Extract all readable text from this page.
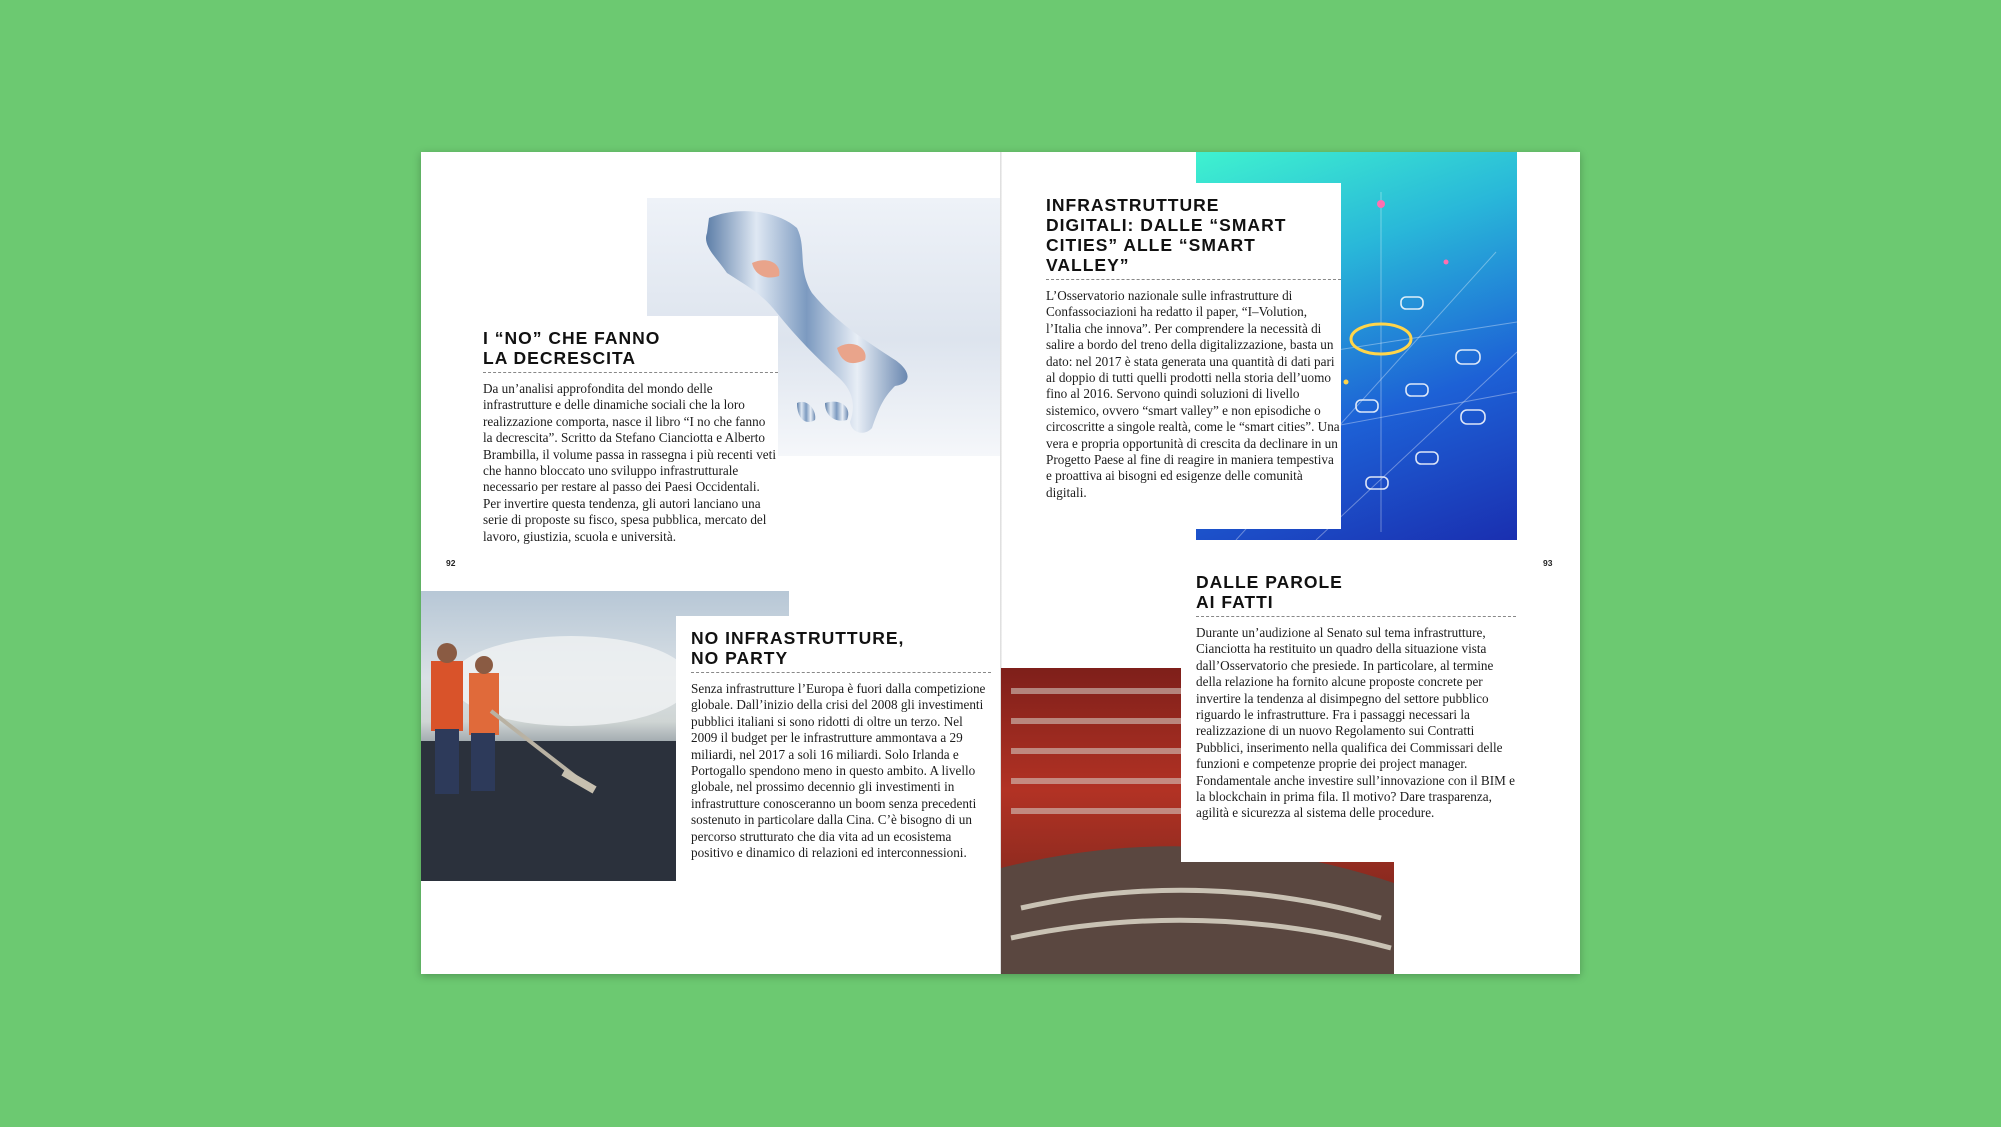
I “NO” CHE FANNO
LA DECRESCITA

Da un’analisi approfondita del mondo delle infrastrutture e delle dinamiche sociali che la loro realizzazione comporta, nasce il libro “I no che fanno la decrescita”. Scritto da Stefano Cianciotta e Alberto Brambilla, il volume passa in rassegna i più recenti veti che hanno bloccato uno sviluppo infrastrutturale necessario per restare al passo dei Paesi Occidentali. Per invertire questa tendenza, gli autori lanciano una serie di proposte su fisco, spesa pubblica, mercato del lavoro, giustizia, scuola e università.

92
NO INFRASTRUTTURE,
NO PARTY

Senza infrastrutture l’Europa è fuori dalla competizione globale. Dall’inizio della crisi del 2008 gli investimenti pubblici italiani si sono ridotti di oltre un terzo. Nel 2009 il budget per le infrastrutture ammontava a 29 miliardi, nel 2017 a soli 16 miliardi. Solo Irlanda e Portogallo spendono meno in questo ambito. A livello globale, nel prossimo decennio gli investimenti in infrastrutture conosceranno un boom senza precedenti sostenuto in particolare dalla Cina. C’è bisogno di un percorso strutturato che dia vita ad un ecosistema positivo e dinamico di relazioni ed interconnessioni.

INFRASTRUTTURE
DIGITALI: DALLE “SMART
CITIES” ALLE “SMART
VALLEY”

L’Osservatorio nazionale sulle infrastrutture di Confassociazioni ha redatto il paper, “I–Volution, l’Italia che innova”. Per comprendere la necessità di salire a bordo del treno della digitalizzazione, basta un dato: nel 2017 è stata generata una quantità di dati pari al doppio di tutti quelli prodotti nella storia dell’uomo fino al 2016. Servono quindi soluzioni di livello sistemico, ovvero “smart valley” e non episodiche o circoscritte a singole realtà, come le “smart cities”. Una vera e propria opportunità di crescita da declinare in un Progetto Paese al fine di reagire in maniera tempestiva e proattiva ai bisogni ed esigenze delle comunità digitali.

93
DALLE PAROLE
AI FATTI

Durante un’audizione al Senato sul tema infrastrutture, Cianciotta ha restituito un quadro della situazione vista dall’Osservatorio che presiede. In particolare, al termine della relazione ha fornito alcune proposte concrete per invertire la tendenza al disimpegno del settore pubblico riguardo le infrastrutture. Fra i passaggi necessari la realizzazione di un nuovo Regolamento sui Contratti Pubblici, inserimento nella qualifica dei Commissari delle funzioni e competenze proprie dei project manager. Fondamentale anche investire sull’innovazione con il BIM e la blockchain in prima fila. Il motivo? Dare trasparenza, agilità e sicurezza al sistema delle procedure.
